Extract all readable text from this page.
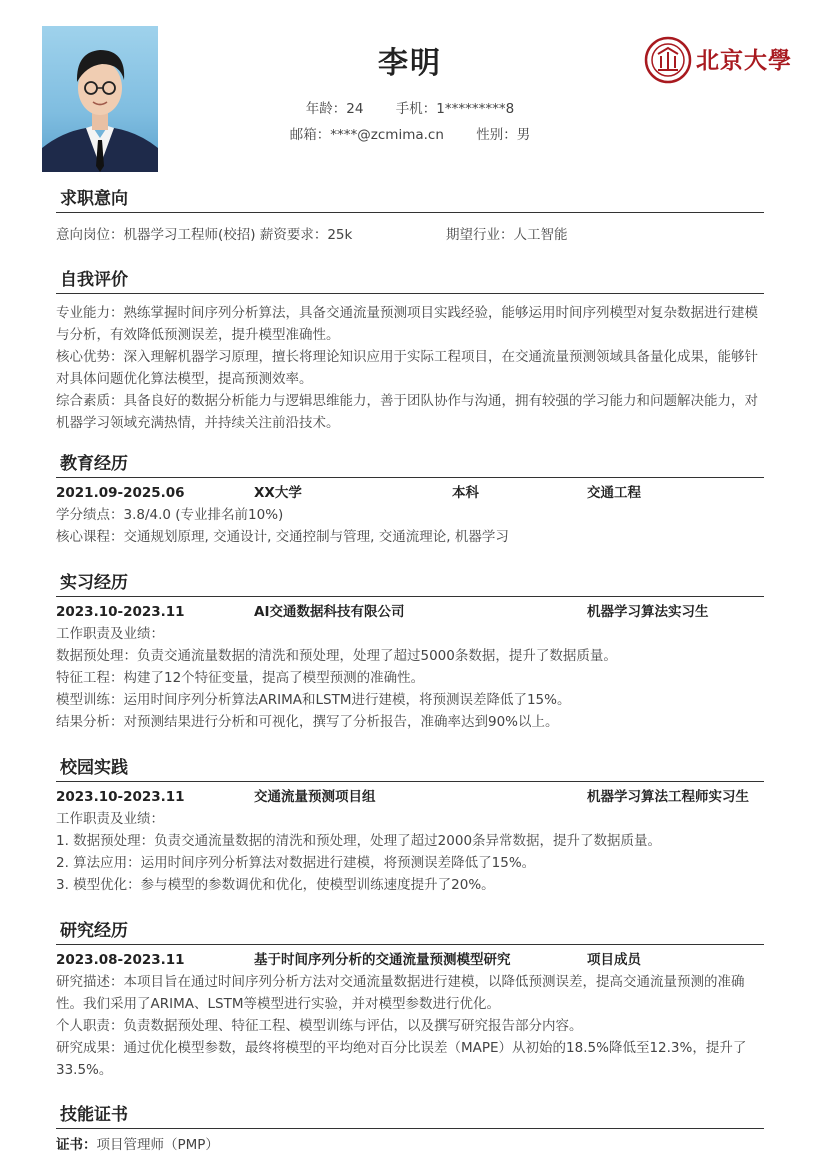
李明
年龄：24 手机：1*********8
邮箱：****@zcmima.cn 性别：男
北京大學
求职意向
意向岗位：机器学习工程师(校招) 薪资要求：25k	期望行业：人工智能
自我评价
专业能力：熟练掌握时间序列分析算法，具备交通流量预测项目实践经验，能够运用时间序列模型对复杂数据进行建模与分析，有效降低预测误差，提升模型准确性。
核心优势：深入理解机器学习原理，擅长将理论知识应用于实际工程项目，在交通流量预测领域具备量化成果，能够针对具体问题优化算法模型，提高预测效率。
综合素质：具备良好的数据分析能力与逻辑思维能力，善于团队协作与沟通，拥有较强的学习能力和问题解决能力，对机器学习领域充满热情，并持续关注前沿技术。
教育经历
2021.09-2025.06	XX大学	本科	交通工程
学分绩点：3.8/4.0 (专业排名前10%)
核心课程：交通规划原理, 交通设计, 交通控制与管理, 交通流理论, 机器学习
实习经历
2023.10-2023.11	AI交通数据科技有限公司	机器学习算法实习生
工作职责及业绩：
数据预处理：负责交通流量数据的清洗和预处理，处理了超过5000条数据，提升了数据质量。
特征工程：构建了12个特征变量，提高了模型预测的准确性。
模型训练：运用时间序列分析算法ARIMA和LSTM进行建模，将预测误差降低了15%。
结果分析：对预测结果进行分析和可视化，撰写了分析报告，准确率达到90%以上。
校园实践
2023.10-2023.11	交通流量预测项目组	机器学习算法工程师实习生
工作职责及业绩：
1. 数据预处理：负责交通流量数据的清洗和预处理，处理了超过2000条异常数据，提升了数据质量。
2. 算法应用：运用时间序列分析算法对数据进行建模，将预测误差降低了15%。
3. 模型优化：参与模型的参数调优和优化，使模型训练速度提升了20%。
研究经历
2023.08-2023.11	基于时间序列分析的交通流量预测模型研究	项目成员
研究描述：本项目旨在通过时间序列分析方法对交通流量数据进行建模，以降低预测误差，提高交通流量预测的准确性。我们采用了ARIMA、LSTM等模型进行实验，并对模型参数进行优化。
个人职责：负责数据预处理、特征工程、模型训练与评估，以及撰写研究报告部分内容。
研究成果：通过优化模型参数，最终将模型的平均绝对百分比误差（MAPE）从初始的18.5%降低至12.3%，提升了33.5%。
技能证书
证书：项目管理师（PMP）
